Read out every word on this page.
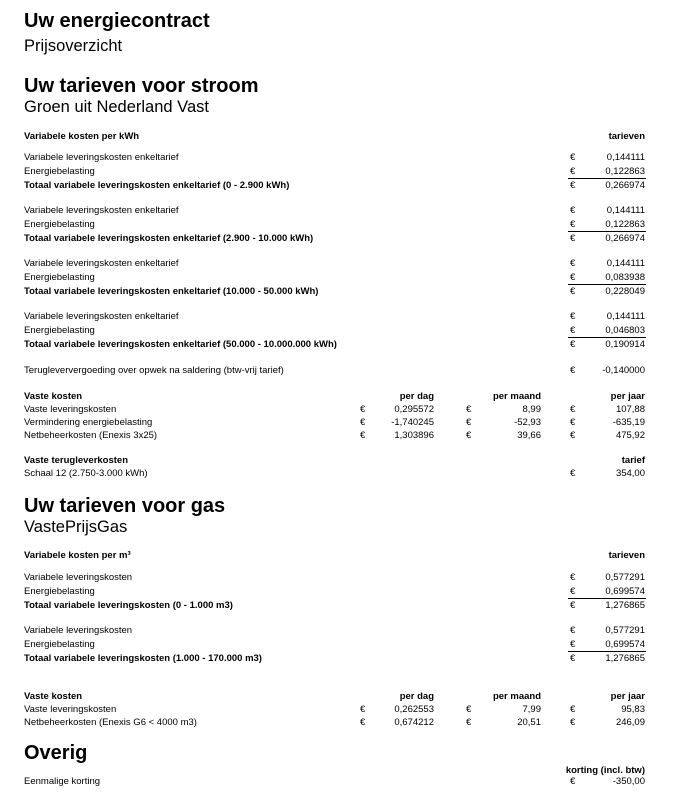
Uw energiecontract
Prijsoverzicht
Uw tarieven voor stroom
Groen uit Nederland Vast
Variabele kosten per kWh	tarieven
Variabele leveringskosten enkeltarief	€	0,144111
Energiebelasting	€	0,122863
Totaal variabele leveringskosten enkeltarief (0 - 2.900 kWh)	€	0,266974
Variabele leveringskosten enkeltarief	€	0,144111
Energiebelasting	€	0,122863
Totaal variabele leveringskosten enkeltarief (2.900 - 10.000 kWh)	€	0,266974
Variabele leveringskosten enkeltarief	€	0,144111
Energiebelasting	€	0,083938
Totaal variabele leveringskosten enkeltarief (10.000 - 50.000 kWh)	€	0,228049
Variabele leveringskosten enkeltarief	€	0,144111
Energiebelasting	€	0,046803
Totaal variabele leveringskosten enkeltarief (50.000 - 10.000.000 kWh)	€	0,190914
Terugleververgoeding over opwek na saldering (btw-vrij tarief)	€	-0,140000
Vaste kosten	per dag	per maand	per jaar
Vaste leveringskosten	€	0,295572	€	8,99	€	107,88
Vermindering energiebelasting	€	-1,740245	€	-52,93	€	-635,19
Netbeheerkosten (Enexis 3x25)	€	1,303896	€	39,66	€	475,92
Vaste terugleverkosten	tarief
Schaal 12 (2.750-3.000 kWh)	€	354,00
Uw tarieven voor gas
VastePrijsGas
Variabele kosten per m³	tarieven
Variabele leveringskosten	€	0,577291
Energiebelasting	€	0,699574
Totaal variabele leveringskosten (0 - 1.000 m3)	€	1,276865
Variabele leveringskosten	€	0,577291
Energiebelasting	€	0,699574
Totaal variabele leveringskosten (1.000 - 170.000 m3)	€	1,276865
Vaste kosten	per dag	per maand	per jaar
Vaste leveringskosten	€	0,262553	€	7,99	€	95,83
Netbeheerkosten (Enexis G6 < 4000 m3)	€	0,674212	€	20,51	€	246,09
Overig
korting (incl. btw)
Eenmalige korting	€	-350,00
